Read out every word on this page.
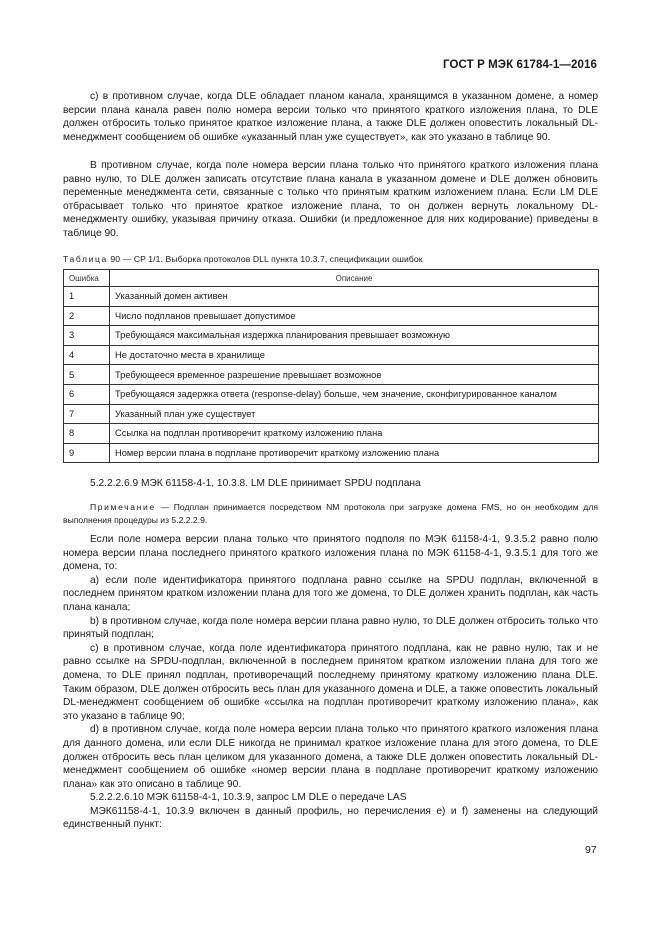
ГОСТ Р МЭК 61784-1—2016

c) в противном случае, когда DLE обладает планом канала, хранящимся в указанном домене, а номер версии плана канала равен полю номера версии только что принятого краткого изложения плана, то DLE должен отбросить только принятое краткое изложение плана, а также DLE должен оповестить локальный DL-менеджмент сообщением об ошибке «указанный план уже существует», как это указано в таблице 90.

В противном случае, когда поле номера версии плана только что принятого краткого изложения плана равно нулю, то DLE должен записать отсутствие плана канала в указанном домене и DLE должен обновить переменные менеджмента сети, связанные с только что принятым кратким изложением плана. Если LM DLE отбрасывает только что принятое краткое изложение плана, то он должен вернуть локальному DL-менеджменту ошибку, указывая причину отказа. Ошибки (и предложенное для них кодирование) приведены в таблице 90.

Таблица 90 — CP 1/1. Выборка протоколов DLL пункта 10.3.7, спецификации ошибок
Ошибка	Описание
1	Указанный домен активен
2	Число подпланов превышает допустимое
3	Требующаяся максимальная издержка планирования превышает возможную
4	Не достаточно места в хранилище
5	Требующееся временное разрешение превышает возможное
6	Требующаяся задержка ответа (response-delay) больше, чем значение, сконфигурированное каналом
7	Указанный план уже существует
8	Ссылка на подплан противоречит краткому изложению плана
9	Номер версии плана в подплане противоречит краткому изложению плана
5.2.2.2.6.9 МЭК 61158-4-1, 10.3.8. LM DLE принимает SPDU подплана
Примечание — Подплан принимается посредством NM протокола при загрузке домена FMS, но он необходим для выполнения процедуры из 5.2.2.2.9.

Если поле номера версии плана только что принятого подполя по МЭК 61158-4-1, 9.3.5.2 равно полю номера версии плана последнего принятого краткого изложения плана по МЭК 61158-4-1, 9.3.5.1 для того же домена, то:

a) если поле идентификатора принятого подплана равно ссылке на SPDU подплан, включенной в последнем принятом кратком изложении плана для того же домена, то DLE должен хранить подплан, как часть плана канала;

b) в противном случае, когда поле номера версии плана равно нулю, то DLE должен отбросить только что принятый подплан;

c) в противном случае, когда поле идентификатора принятого подплана, как не равно нулю, так и не равно ссылке на SPDU-подплан, включенной в последнем принятом кратком изложении плана для того же домена, то DLE принял подплан, противоречащий последнему принятому краткому изложению плана DLE. Таким образом, DLE должен отбросить весь план для указанного домена и DLE, а также оповестить локальный DL-менеджмент сообщением об ошибке «ссылка на подплан противоречит краткому изложению плана», как это указано в таблице 90;

d) в противном случае, когда поле номера версии плана только что принятого краткого изложения плана для данного домена, или если DLE никогда не принимал краткое изложение плана для этого домена, то DLE должен отбросить весь план целиком для указанного домена, а также DLE должен оповестить локальный DL-менеджмент сообщением об ошибке «номер версии плана в подплане противоречит краткому изложению плана» как это описано в таблице 90.

5.2.2.2.6.10 МЭК 61158-4-1, 10.3.9, запрос LM DLE о передаче LAS

МЭК61158-4-1, 10.3.9 включен в данный профиль, но перечисления e) и f) заменены на следующий единственный пункт:

97
